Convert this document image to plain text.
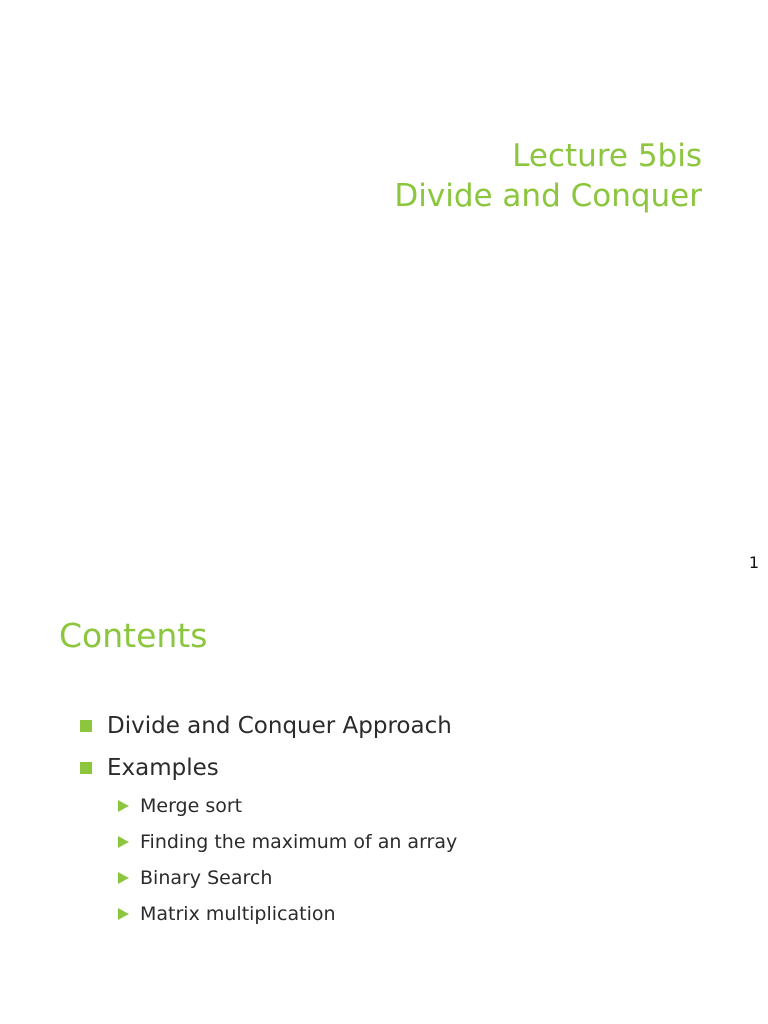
Lecture 5bis
Divide and Conquer
1
Contents
Divide and Conquer Approach
Examples
Merge sort
Finding the maximum of an array
Binary Search
Matrix multiplication
